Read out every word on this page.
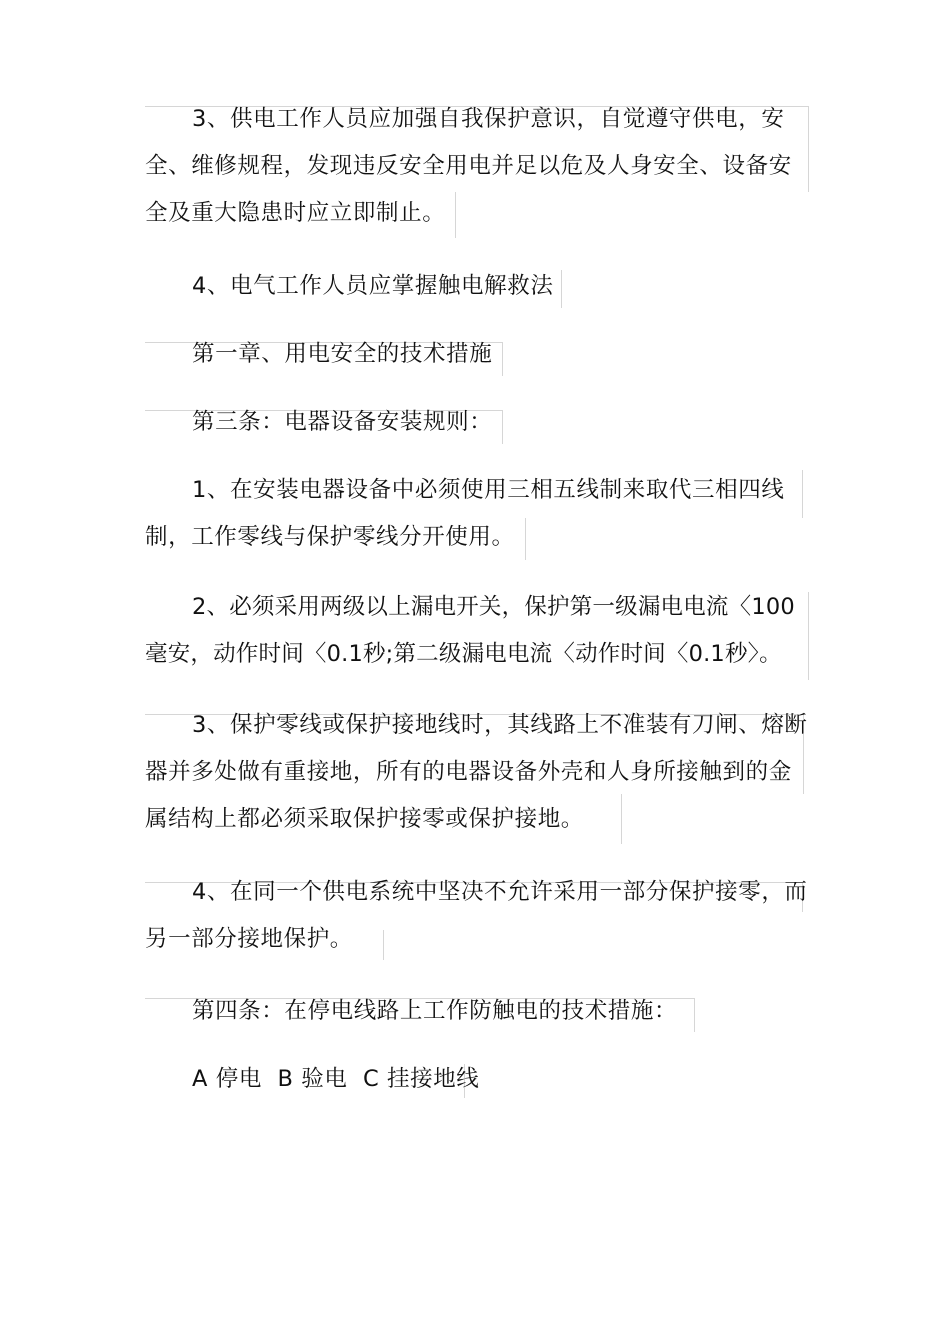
3、供电工作人员应加强自我保护意识，自觉遵守供电，安全、维修规程，发现违反安全用电并足以危及人身安全、设备安全及重大隐患时应立即制止。

4、电气工作人员应掌握触电解救法

第一章、用电安全的技术措施

第三条：电器设备安装规则：

1、在安装电器设备中必须使用三相五线制来取代三相四线制，工作零线与保护零线分开使用。

2、必须采用两级以上漏电开关，保护第一级漏电电流〈100毫安，动作时间〈0.1秒;第二级漏电电流〈动作时间〈0.1秒〉。

3、保护零线或保护接地线时，其线路上不准装有刀闸、熔断器并多处做有重接地，所有的电器设备外壳和人身所接触到的金属结构上都必须采取保护接零或保护接地。

4、在同一个供电系统中坚决不允许采用一部分保护接零，而另一部分接地保护。

第四条：在停电线路上工作防触电的技术措施：

A 停电  B 验电  C 挂接地线
